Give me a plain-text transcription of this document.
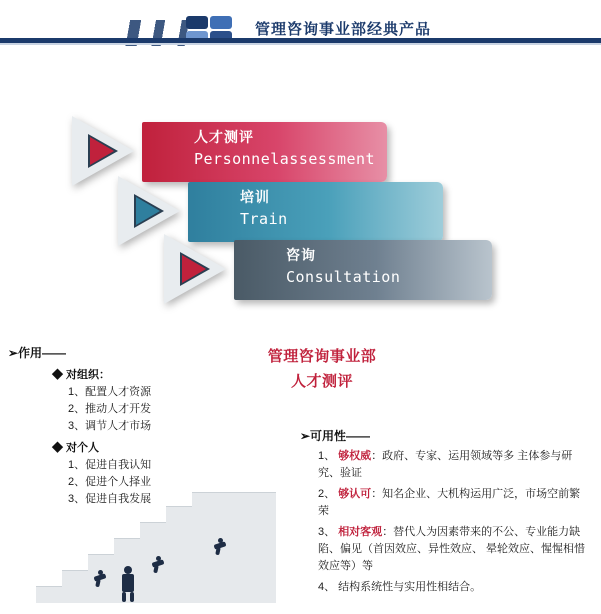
管理咨询事业部经典产品
人才测评
Personnelassessment
培训
Train
咨询
Consultation
管理咨询事业部
人才测评
➢作用——
◆ 对组织：
1、配置人才资源
2、推动人才开发
3、调节人才市场
◆ 对个人
1、促进自我认知
2、促进个人择业
3、促进自我发展
➢可用性——
1、 够权威：政府、专家、运用领域等多 主体参与研究、验证
2、 够认可：知名企业、大机构运用广泛，市场空前繁荣
3、 相对客观：替代人为因素带来的不公、专业能力缺陷、偏见（首因效应、异性效应、 晕轮效应、惺惺相惜效应等）等
4、 结构系统性与实用性相结合。
